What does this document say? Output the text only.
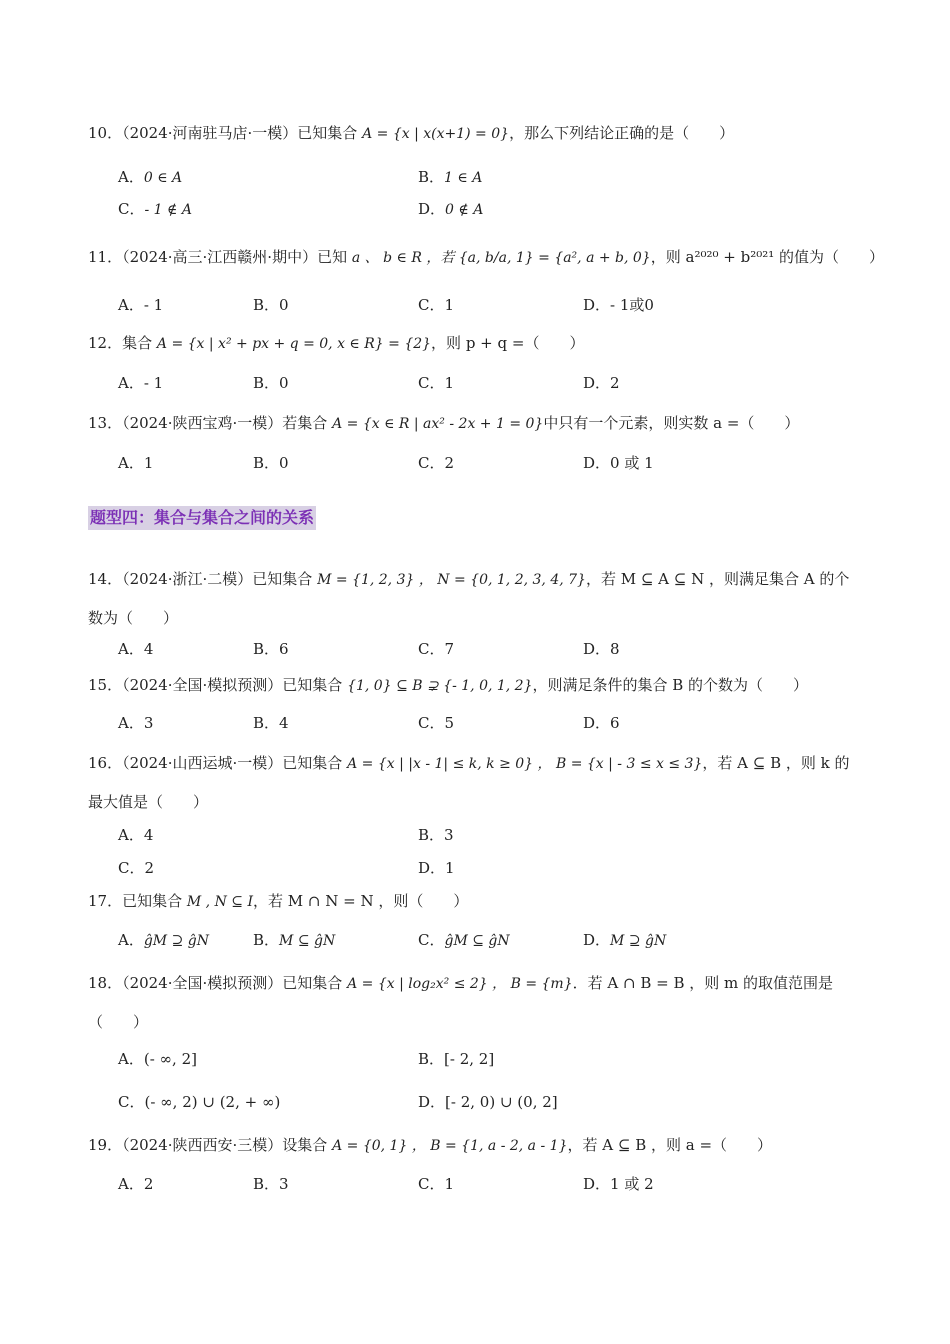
10．（2024·河南驻马店·一模）已知集合 A = {x | x(x+1) = 0}，那么下列结论正确的是（　　）
A．0 ∈ A	B．1 ∈ A
C．- 1 ∉ A	D．0 ∉ A
11．（2024·高三·江西赣州·期中）已知 a 、 b ∈ R ，若 {a, b/a, 1} = {a², a + b, 0}，则 a²⁰²⁰ + b²⁰²¹ 的值为（　　）
A．- 1	B．0	C．1	D．- 1或0
12．集合 A = {x | x² + px + q = 0, x ∈ R} = {2}，则 p + q =（　　）
A．- 1	B．0	C．1	D．2
13．（2024·陕西宝鸡·一模）若集合 A = {x ∈ R | ax² - 2x + 1 = 0}中只有一个元素，则实数 a =（　　）
A．1	B．0	C．2	D．0 或 1
题型四：集合与集合之间的关系
14．（2024·浙江·二模）已知集合 M = {1, 2, 3} ， N = {0, 1, 2, 3, 4, 7}，若 M ⊆ A ⊆ N ，则满足集合 A 的个数为（　　）
A．4	B．6	C．7	D．8
15．（2024·全国·模拟预测）已知集合 {1, 0} ⊆ B ⊋ {- 1, 0, 1, 2}，则满足条件的集合 B 的个数为（　　）
A．3	B．4	C．5	D．6
16．（2024·山西运城·一模）已知集合 A = {x | |x - 1| ≤ k, k ≥ 0} ， B = {x | - 3 ≤ x ≤ 3}，若 A ⊆ B ，则 k 的最大值是（　　）
A．4	B．3
C．2	D．1
17．已知集合 M , N ⊆ I，若 M ∩ N = N ，则（　　）
A．ĝM ⊇ ĝN	B．M ⊆ ĝN	C．ĝM ⊆ ĝN	D．M ⊇ ĝN
18．（2024·全国·模拟预测）已知集合 A = {x | log₂x² ≤ 2} ， B = {m}．若 A ∩ B = B ，则 m 的取值范围是（　　）
A．(- ∞, 2]	B．[- 2, 2]
C．(- ∞, 2) ∪ (2, + ∞)	D．[- 2, 0) ∪ (0, 2]
19．（2024·陕西西安·三模）设集合 A = {0, 1} ， B = {1, a - 2, a - 1}，若 A ⊆ B ，则 a =（　　）
A．2	B．3	C．1	D．1 或 2
